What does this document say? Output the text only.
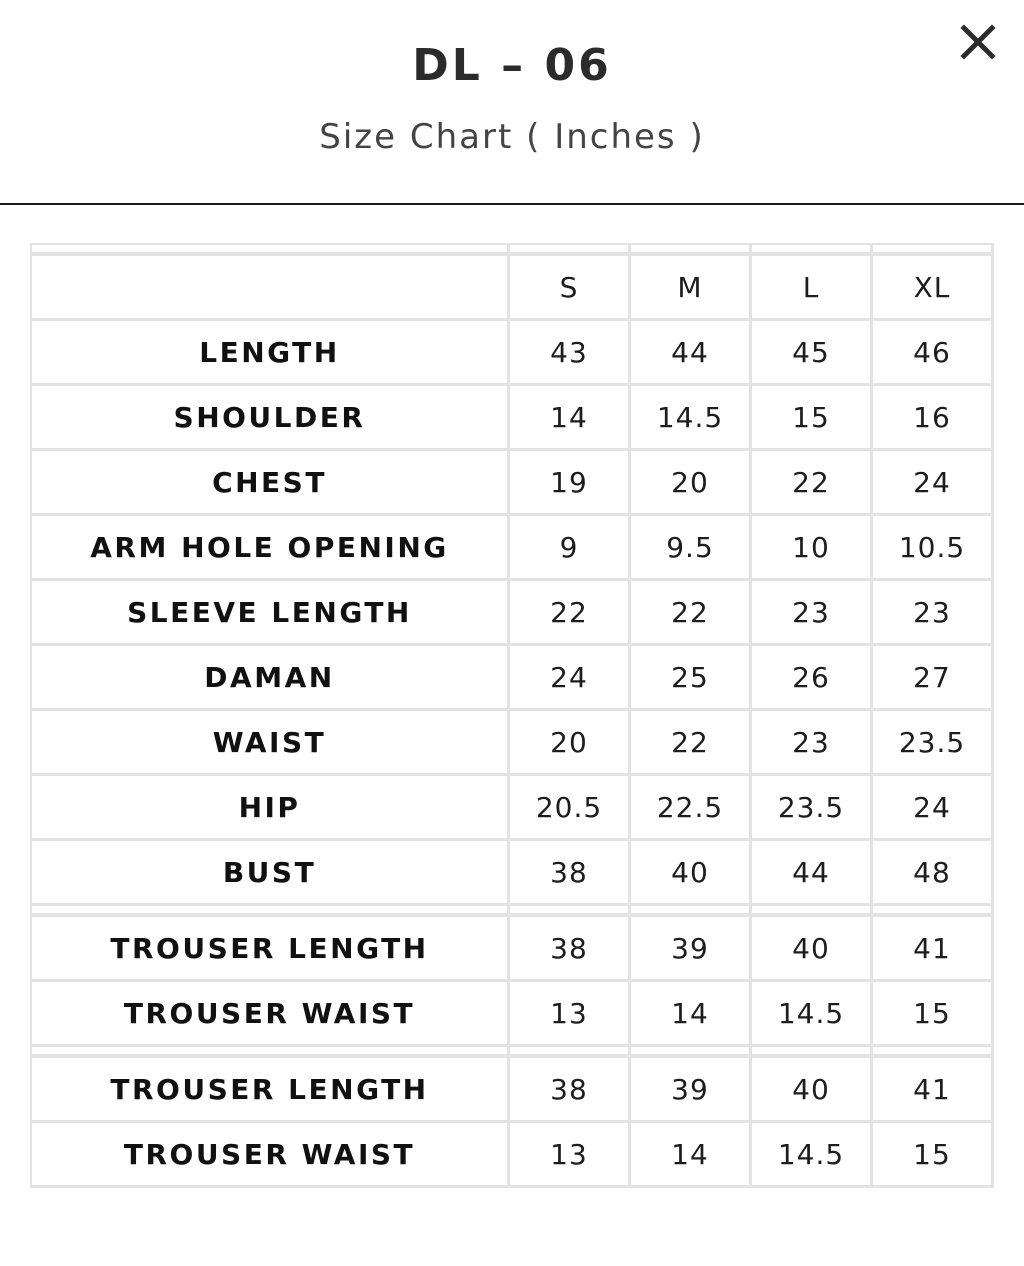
DL – 06
Size Chart ( Inches )

	S	M	L	XL
LENGTH	43	44	45	46
SHOULDER	14	14.5	15	16
CHEST	19	20	22	24
ARM HOLE OPENING	9	9.5	10	10.5
SLEEVE LENGTH	22	22	23	23
DAMAN	24	25	26	27
WAIST	20	22	23	23.5
HIP	20.5	22.5	23.5	24
BUST	38	40	44	48

TROUSER LENGTH	38	39	40	41
TROUSER WAIST	13	14	14.5	15

TROUSER LENGTH	38	39	40	41
TROUSER WAIST	13	14	14.5	15
